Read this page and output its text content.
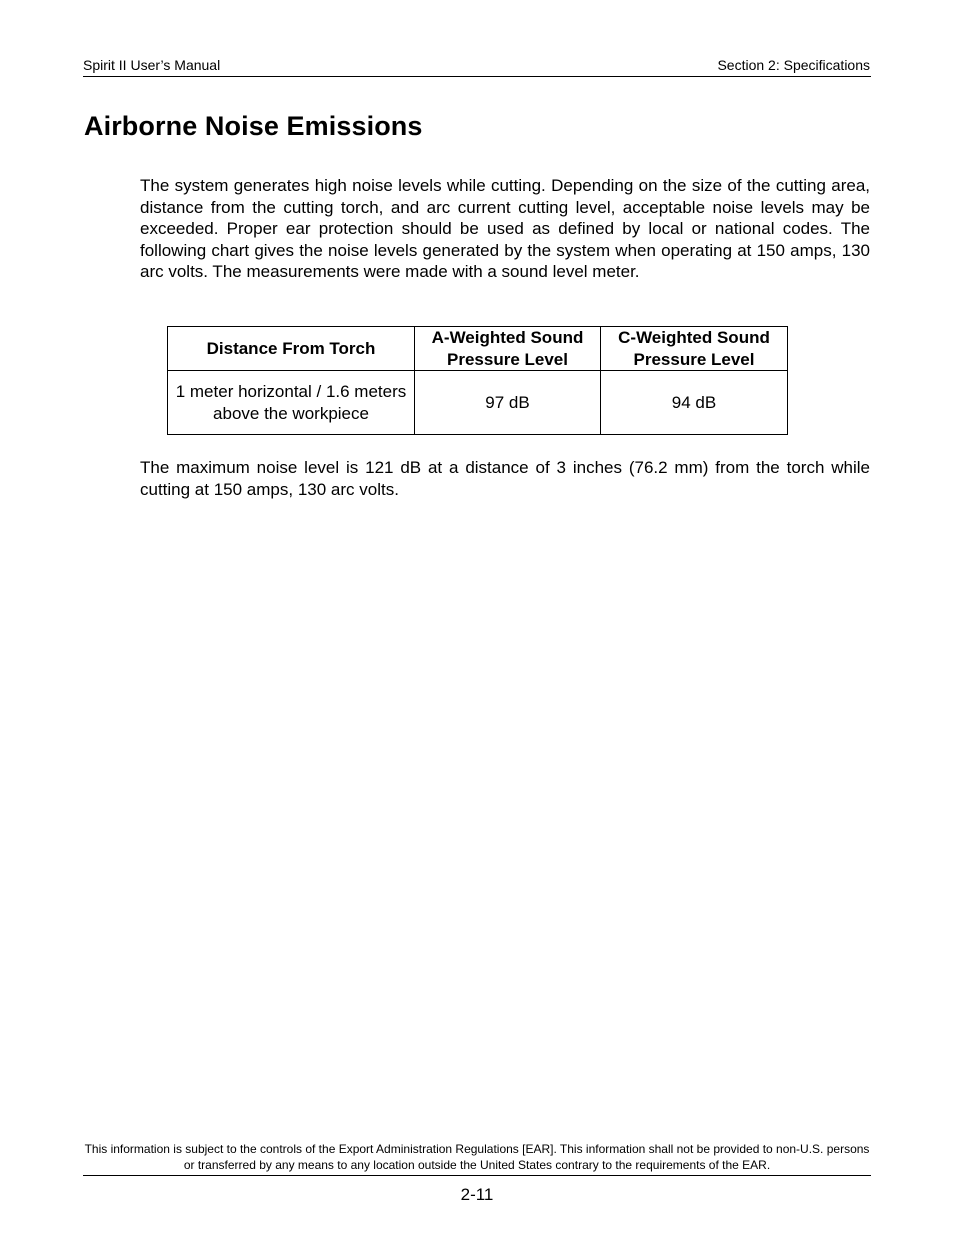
Spirit II User’s Manual	Section 2: Specifications
Airborne Noise Emissions

The system generates high noise levels while cutting. Depending on the size of the cutting area, distance from the cutting torch, and arc current cutting level, acceptable noise levels may be exceeded. Proper ear protection should be used as defined by local or national codes. The following chart gives the noise levels generated by the system when operating at 150 amps, 130 arc volts. The measurements were made with a sound level meter.

Distance From Torch	A-Weighted Sound Pressure Level	C-Weighted Sound Pressure Level
1 meter horizontal / 1.6 meters above the workpiece	97 dB	94 dB

The maximum noise level is 121 dB at a distance of 3 inches (76.2 mm) from the torch while cutting at 150 amps, 130 arc volts.

This information is subject to the controls of the Export Administration Regulations [EAR]. This information shall not be provided to non-U.S. persons or transferred by any means to any location outside the United States contrary to the requirements of the EAR.
2-11
